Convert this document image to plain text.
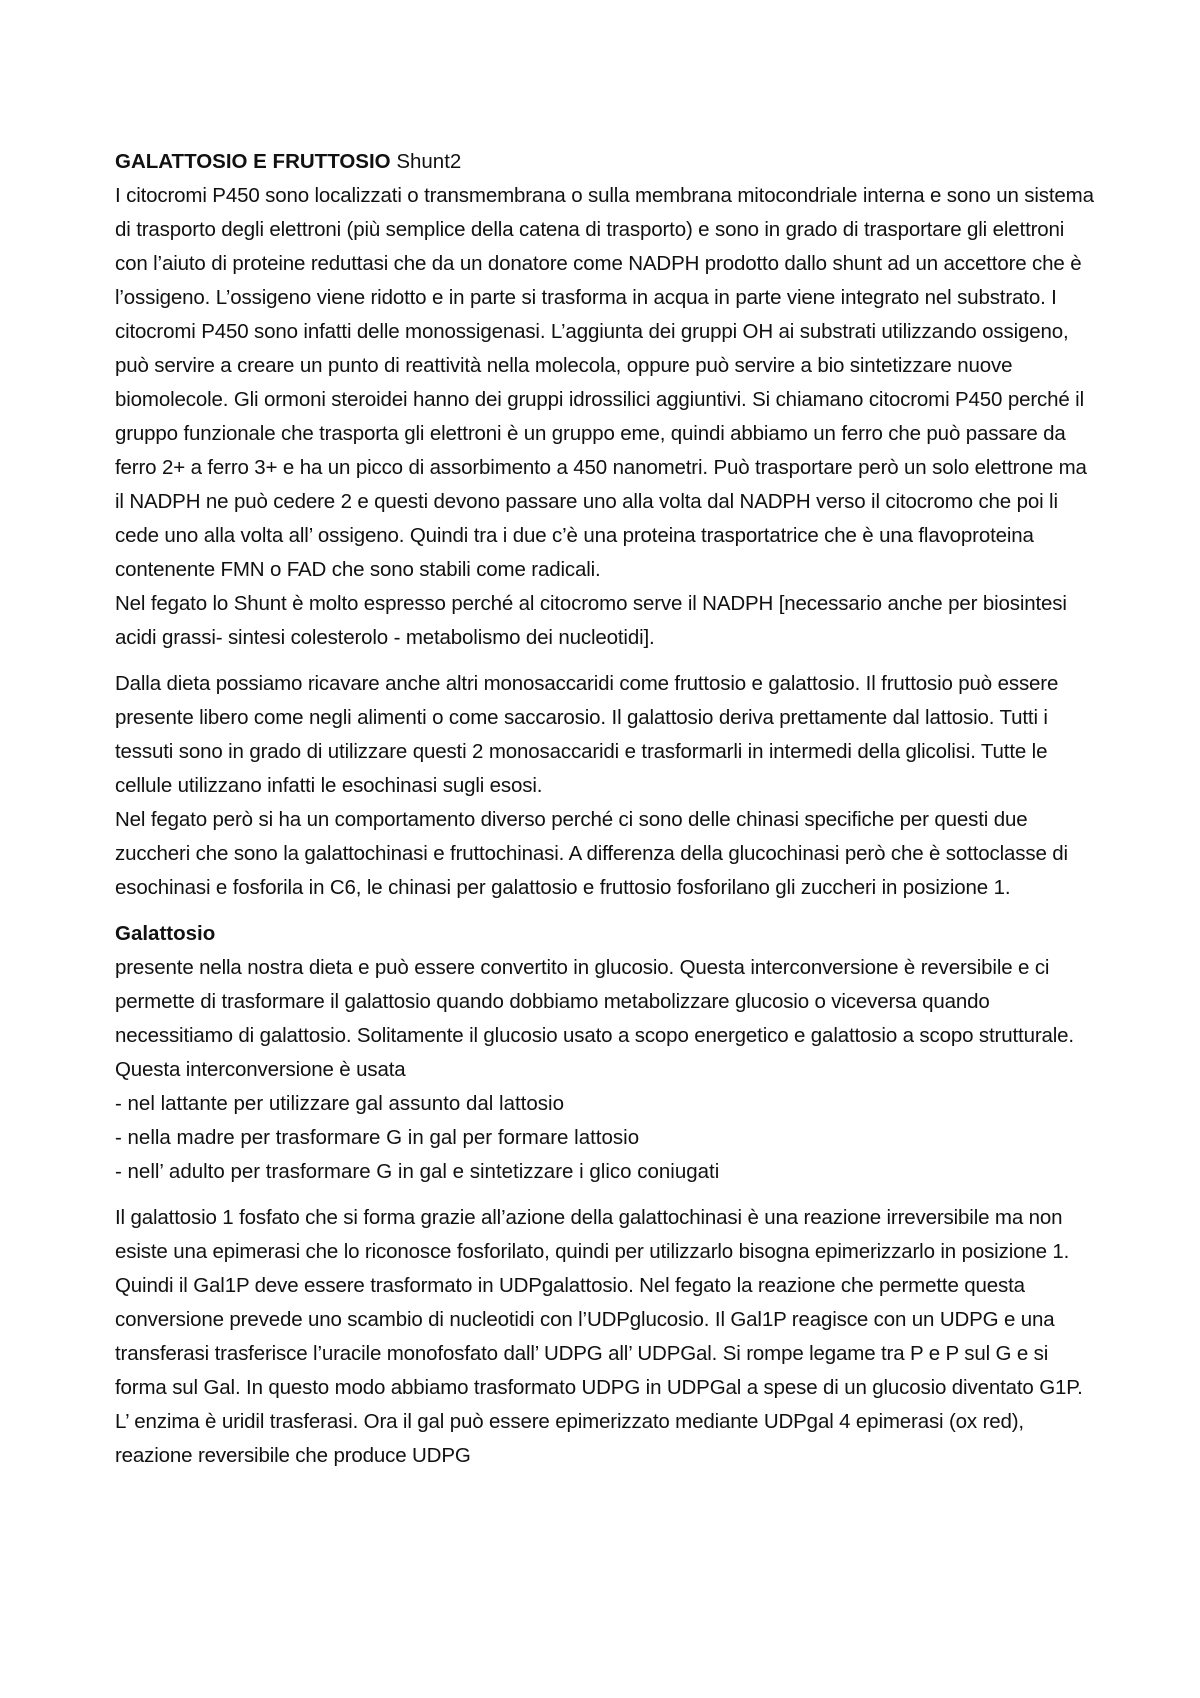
GALATTOSIO E FRUTTOSIO Shunt2

I citocromi P450 sono localizzati o transmembrana o sulla membrana mitocondriale interna e sono un sistema di trasporto degli elettroni (più semplice della catena di trasporto) e sono in grado di trasportare gli elettroni con l’aiuto di proteine reduttasi che da un donatore come NADPH prodotto dallo shunt ad un accettore che è l’ossigeno. L’ossigeno viene ridotto e in parte si trasforma in acqua in parte viene integrato nel substrato. I citocromi P450 sono infatti delle monossigenasi. L’aggiunta dei gruppi OH ai substrati utilizzando ossigeno, può servire a creare un punto di reattività nella molecola, oppure può servire a bio sintetizzare nuove biomolecole. Gli ormoni steroidei hanno dei gruppi idrossilici aggiuntivi. Si chiamano citocromi P450 perché il gruppo funzionale che trasporta gli elettroni è un gruppo eme, quindi abbiamo un ferro che può passare da ferro 2+ a ferro 3+ e ha un picco di assorbimento a 450 nanometri. Può trasportare però un solo elettrone ma il NADPH ne può cedere 2 e questi devono passare uno alla volta dal NADPH verso il citocromo che poi li cede uno alla volta all’ ossigeno. Quindi tra i due c’è una proteina trasportatrice che è una flavoproteina contenente FMN o FAD che sono stabili come radicali.

Nel fegato lo Shunt è molto espresso perché al citocromo serve il NADPH [necessario anche per biosintesi acidi grassi- sintesi colesterolo - metabolismo dei nucleotidi].

Dalla dieta possiamo ricavare anche altri monosaccaridi come fruttosio e galattosio. Il fruttosio può essere presente libero come negli alimenti o come saccarosio. Il galattosio deriva prettamente dal lattosio. Tutti i tessuti sono in grado di utilizzare questi 2 monosaccaridi e trasformarli in intermedi della glicolisi. Tutte le cellule utilizzano infatti le esochinasi sugli esosi.

Nel fegato però si ha un comportamento diverso perché ci sono delle chinasi specifiche per questi due zuccheri che sono la galattochinasi e fruttochinasi. A differenza della glucochinasi però che è sottoclasse di esochinasi e fosforila in C6, le chinasi per galattosio e fruttosio fosforilano gli zuccheri in posizione 1.

Galattosio

presente nella nostra dieta e può essere convertito in glucosio. Questa interconversione è reversibile e ci permette di trasformare il galattosio quando dobbiamo metabolizzare glucosio o viceversa quando necessitiamo di galattosio. Solitamente il glucosio usato a scopo energetico e galattosio a scopo strutturale. Questa interconversione è usata

- nel lattante per utilizzare gal assunto dal lattosio

- nella madre per trasformare G in gal per formare lattosio

- nell’ adulto per trasformare G in gal e sintetizzare i glico coniugati

Il galattosio 1 fosfato che si forma grazie all’azione della galattochinasi è una reazione irreversibile ma non esiste una epimerasi che lo riconosce fosforilato, quindi per utilizzarlo bisogna epimerizzarlo in posizione 1. Quindi il Gal1P deve essere trasformato in UDPgalattosio. Nel fegato la reazione che permette questa conversione prevede uno scambio di nucleotidi con l’UDPglucosio. Il Gal1P reagisce con un UDPG e una transferasi trasferisce l’uracile monofosfato dall’ UDPG all’ UDPGal. Si rompe legame tra P e P sul G e si forma sul Gal. In questo modo abbiamo trasformato UDPG in UDPGal a spese di un glucosio diventato G1P. L’ enzima è uridil trasferasi. Ora il gal può essere epimerizzato mediante UDPgal 4 epimerasi (ox red), reazione reversibile che produce UDPG
